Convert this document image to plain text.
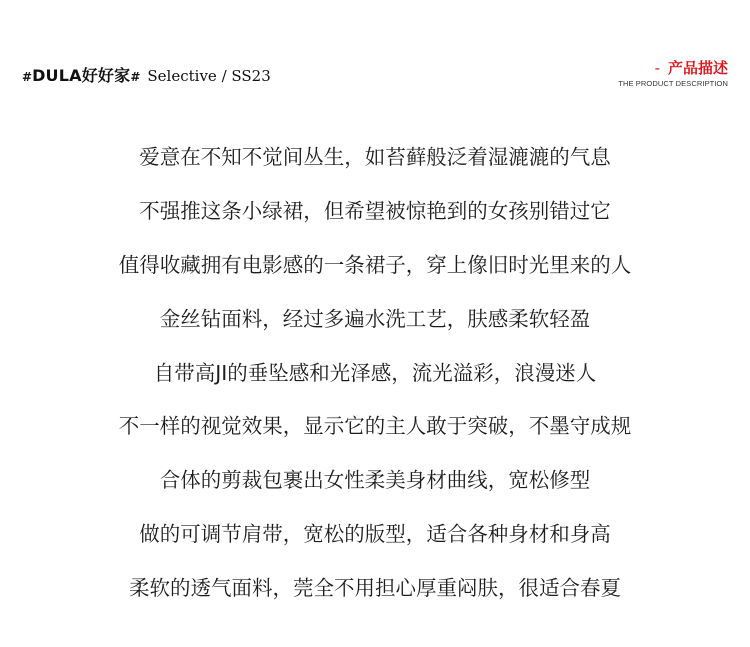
# DULA好好家 # Selective / SS23	- 产品描述
THE PRODUCT DESCRIPTION
爱意在不知不觉间丛生，如苔藓般泛着湿漉漉的气息
不强推这条小绿裙，但希望被惊艳到的女孩别错过它
值得收藏拥有电影感的一条裙子，穿上像旧时光里来的人
金丝钻面料，经过多遍水洗工艺，肤感柔软轻盈
自带高JI的垂坠感和光泽感，流光溢彩，浪漫迷人
不一样的视觉效果，显示它的主人敢于突破，不墨守成规
合体的剪裁包裹出女性柔美身材曲线，宽松修型
做的可调节肩带，宽松的版型，适合各种身材和身高
柔软的透气面料，莞全不用担心厚重闷肤，很适合春夏
